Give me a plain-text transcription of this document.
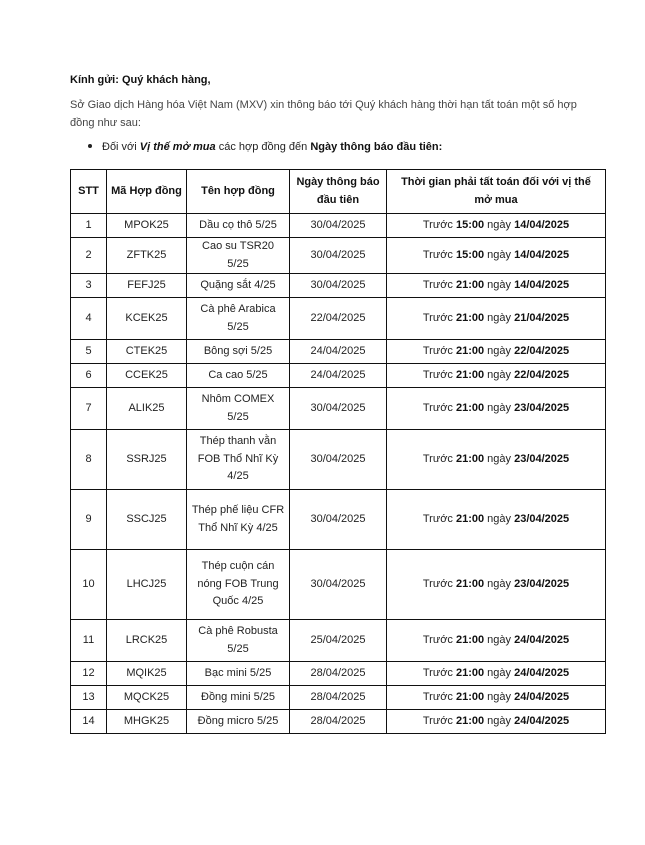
Kính gửi: Quý khách hàng,
Sở Giao dịch Hàng hóa Việt Nam (MXV) xin thông báo tới Quý khách hàng thời hạn tất toán một số hợp đồng như sau:
Đối với Vị thế mở mua các hợp đồng đến Ngày thông báo đầu tiên:
STT	Mã Hợp đồng	Tên hợp đồng	Ngày thông báo đầu tiên	Thời gian phải tất toán đối với vị thế mở mua
1	MPOK25	Dầu cọ thô 5/25	30/04/2025	Trước 15:00 ngày 14/04/2025
2	ZFTK25	Cao su TSR20 5/25	30/04/2025	Trước 15:00 ngày 14/04/2025
3	FEFJ25	Quặng sắt 4/25	30/04/2025	Trước 21:00 ngày 14/04/2025
4	KCEK25	Cà phê Arabica 5/25	22/04/2025	Trước 21:00 ngày 21/04/2025
5	CTEK25	Bông sợi 5/25	24/04/2025	Trước 21:00 ngày 22/04/2025
6	CCEK25	Ca cao 5/25	24/04/2025	Trước 21:00 ngày 22/04/2025
7	ALIK25	Nhôm COMEX 5/25	30/04/2025	Trước 21:00 ngày 23/04/2025
8	SSRJ25	Thép thanh vằn FOB Thổ Nhĩ Kỳ 4/25	30/04/2025	Trước 21:00 ngày 23/04/2025
9	SSCJ25	Thép phế liệu CFR Thổ Nhĩ Kỳ 4/25	30/04/2025	Trước 21:00 ngày 23/04/2025
10	LHCJ25	Thép cuộn cán nóng FOB Trung Quốc 4/25	30/04/2025	Trước 21:00 ngày 23/04/2025
11	LRCK25	Cà phê Robusta 5/25	25/04/2025	Trước 21:00 ngày 24/04/2025
12	MQIK25	Bạc mini 5/25	28/04/2025	Trước 21:00 ngày 24/04/2025
13	MQCK25	Đồng mini 5/25	28/04/2025	Trước 21:00 ngày 24/04/2025
14	MHGK25	Đồng micro 5/25	28/04/2025	Trước 21:00 ngày 24/04/2025
